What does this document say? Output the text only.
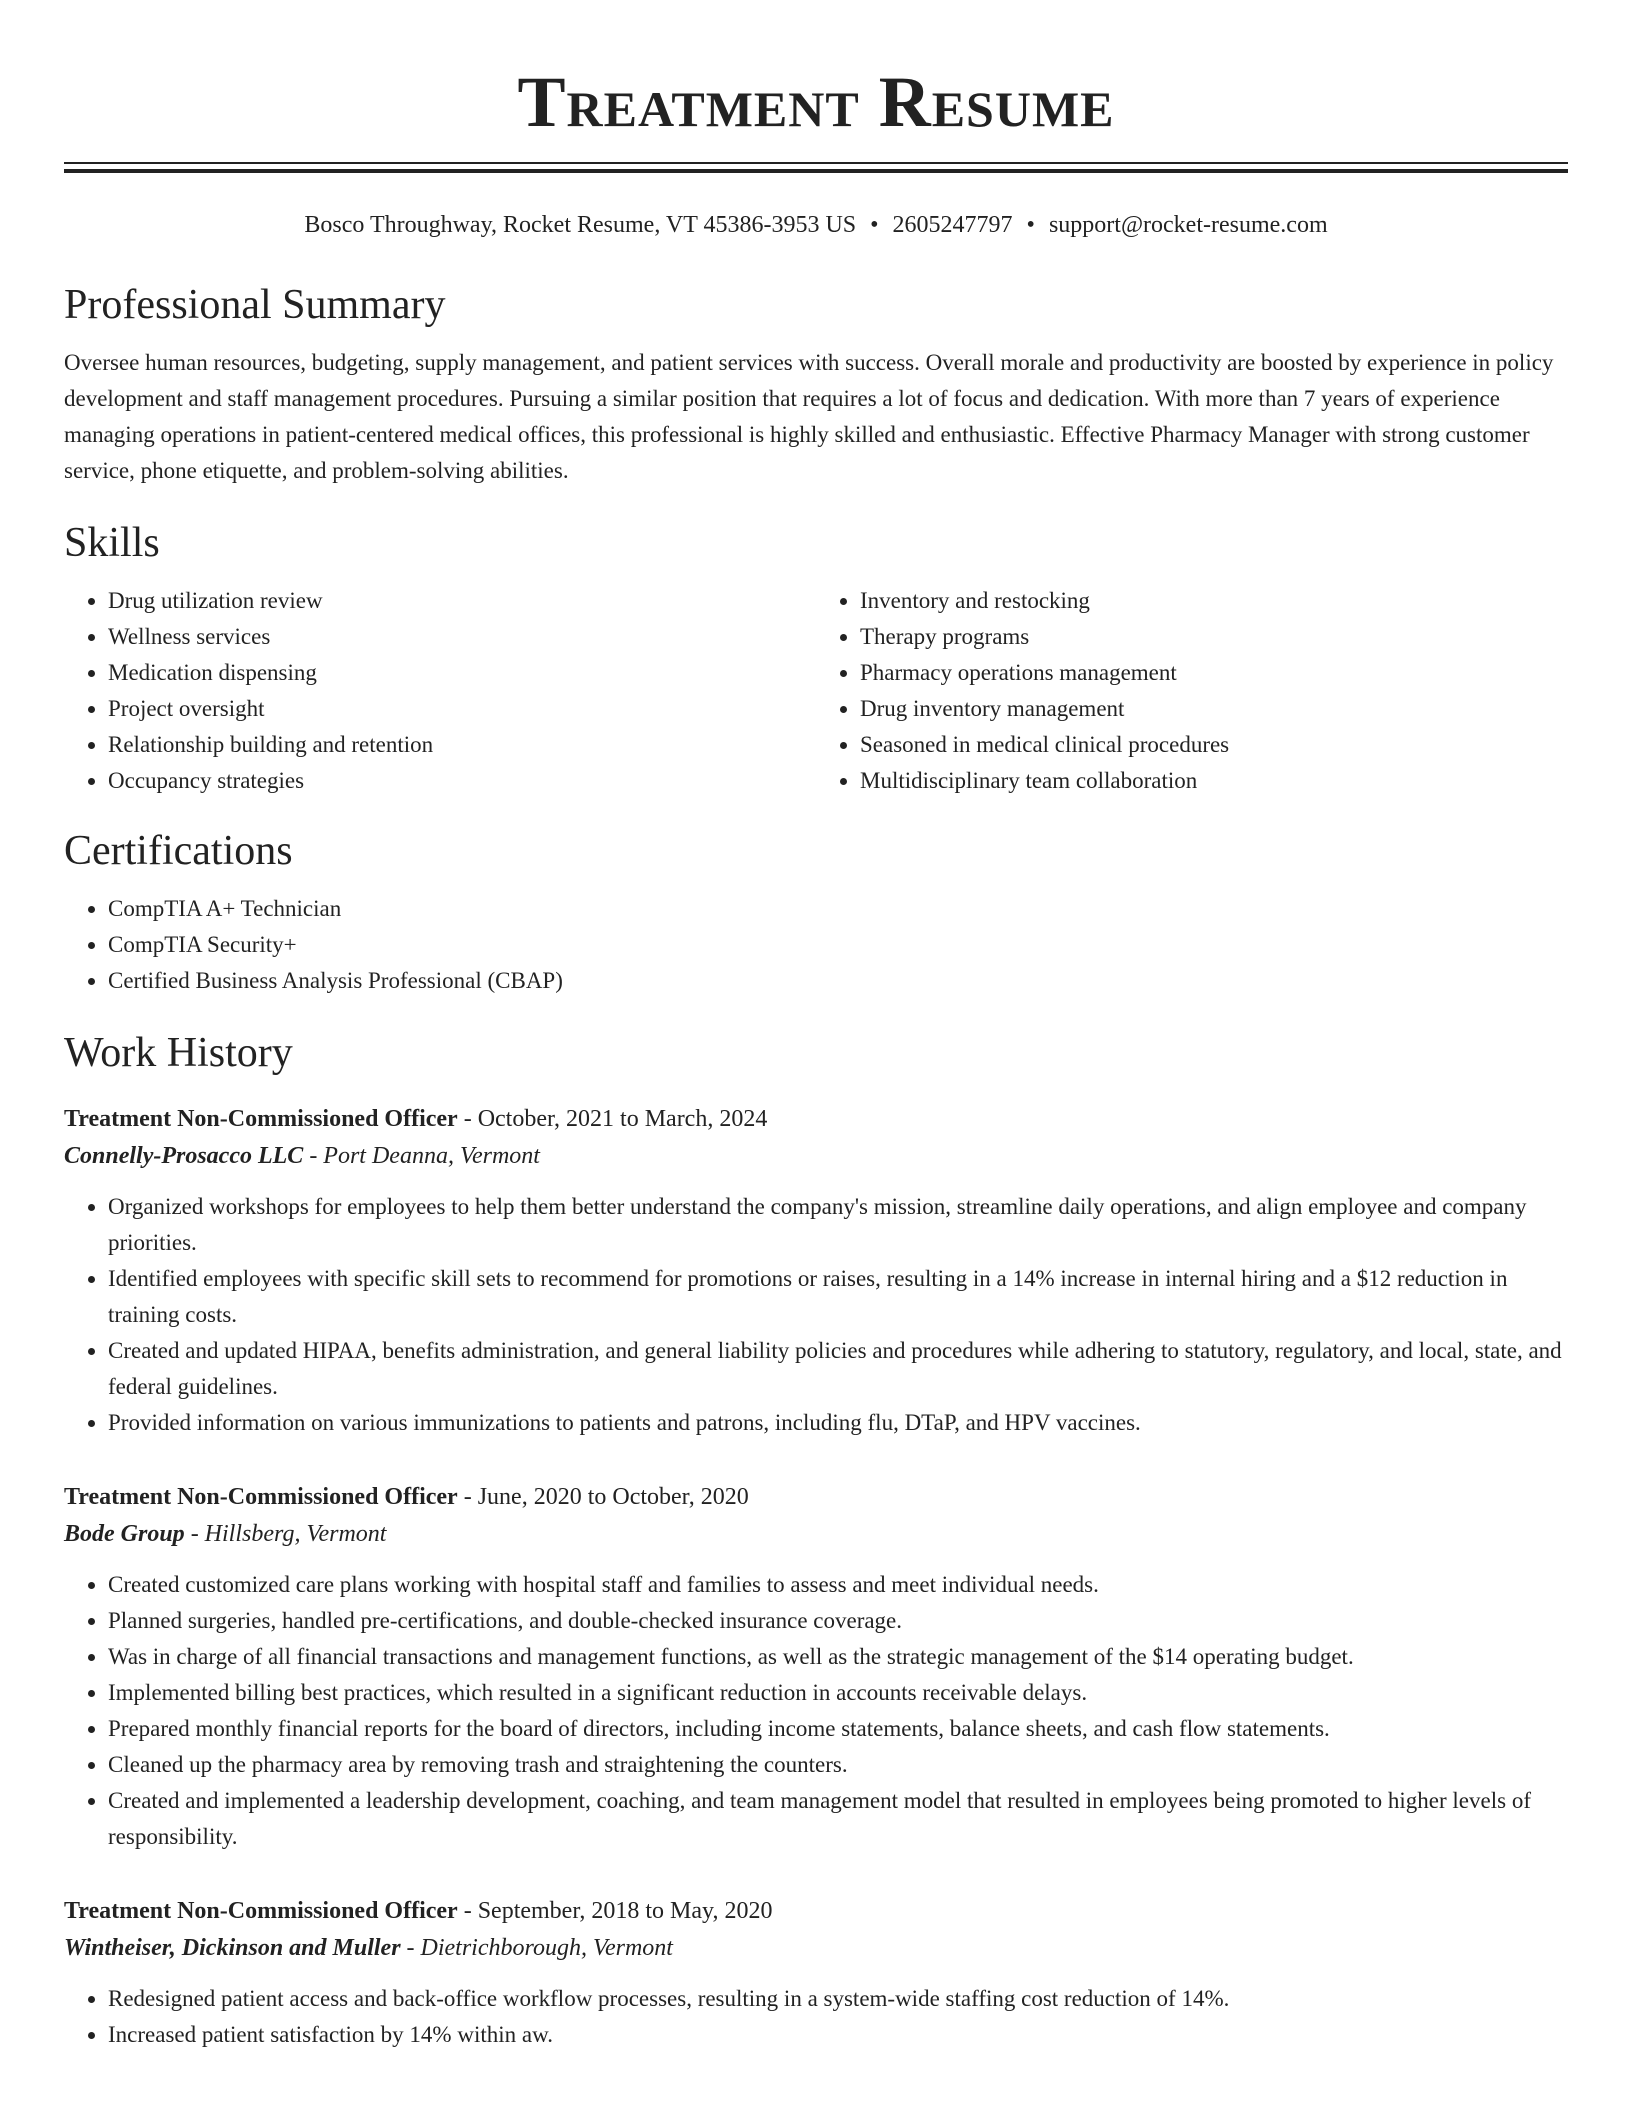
Treatment Resume
Bosco Throughway, Rocket Resume, VT 45386-3953 US • 2605247797 • support@rocket-resume.com
Professional Summary

Oversee human resources, budgeting, supply management, and patient services with success. Overall morale and productivity are boosted by experience in policy development and staff management procedures. Pursuing a similar position that requires a lot of focus and dedication. With more than 7 years of experience managing operations in patient-centered medical offices, this professional is highly skilled and enthusiastic. Effective Pharmacy Manager with strong customer service, phone etiquette, and problem-solving abilities.

Skills
• Drug utilization review
• Wellness services
• Medication dispensing
• Project oversight
• Relationship building and retention
• Occupancy strategies
• Inventory and restocking
• Therapy programs
• Pharmacy operations management
• Drug inventory management
• Seasoned in medical clinical procedures
• Multidisciplinary team collaboration
Certifications
• CompTIA A+ Technician
• CompTIA Security+
• Certified Business Analysis Professional (CBAP)
Work History
Treatment Non-Commissioned Officer - October, 2021 to March, 2024
Connelly-Prosacco LLC - Port Deanna, Vermont
• Organized workshops for employees to help them better understand the company's mission, streamline daily operations, and align employee and company priorities.
• Identified employees with specific skill sets to recommend for promotions or raises, resulting in a 14% increase in internal hiring and a $12 reduction in training costs.
• Created and updated HIPAA, benefits administration, and general liability policies and procedures while adhering to statutory, regulatory, and local, state, and federal guidelines.
• Provided information on various immunizations to patients and patrons, including flu, DTaP, and HPV vaccines.
Treatment Non-Commissioned Officer - June, 2020 to October, 2020
Bode Group - Hillsberg, Vermont
• Created customized care plans working with hospital staff and families to assess and meet individual needs.
• Planned surgeries, handled pre-certifications, and double-checked insurance coverage.
• Was in charge of all financial transactions and management functions, as well as the strategic management of the $14 operating budget.
• Implemented billing best practices, which resulted in a significant reduction in accounts receivable delays.
• Prepared monthly financial reports for the board of directors, including income statements, balance sheets, and cash flow statements.
• Cleaned up the pharmacy area by removing trash and straightening the counters.
• Created and implemented a leadership development, coaching, and team management model that resulted in employees being promoted to higher levels of responsibility.
Treatment Non-Commissioned Officer - September, 2018 to May, 2020
Wintheiser, Dickinson and Muller - Dietrichborough, Vermont
• Redesigned patient access and back-office workflow processes, resulting in a system-wide staffing cost reduction of 14%.
• Increased patient satisfaction by 14% within aw.
